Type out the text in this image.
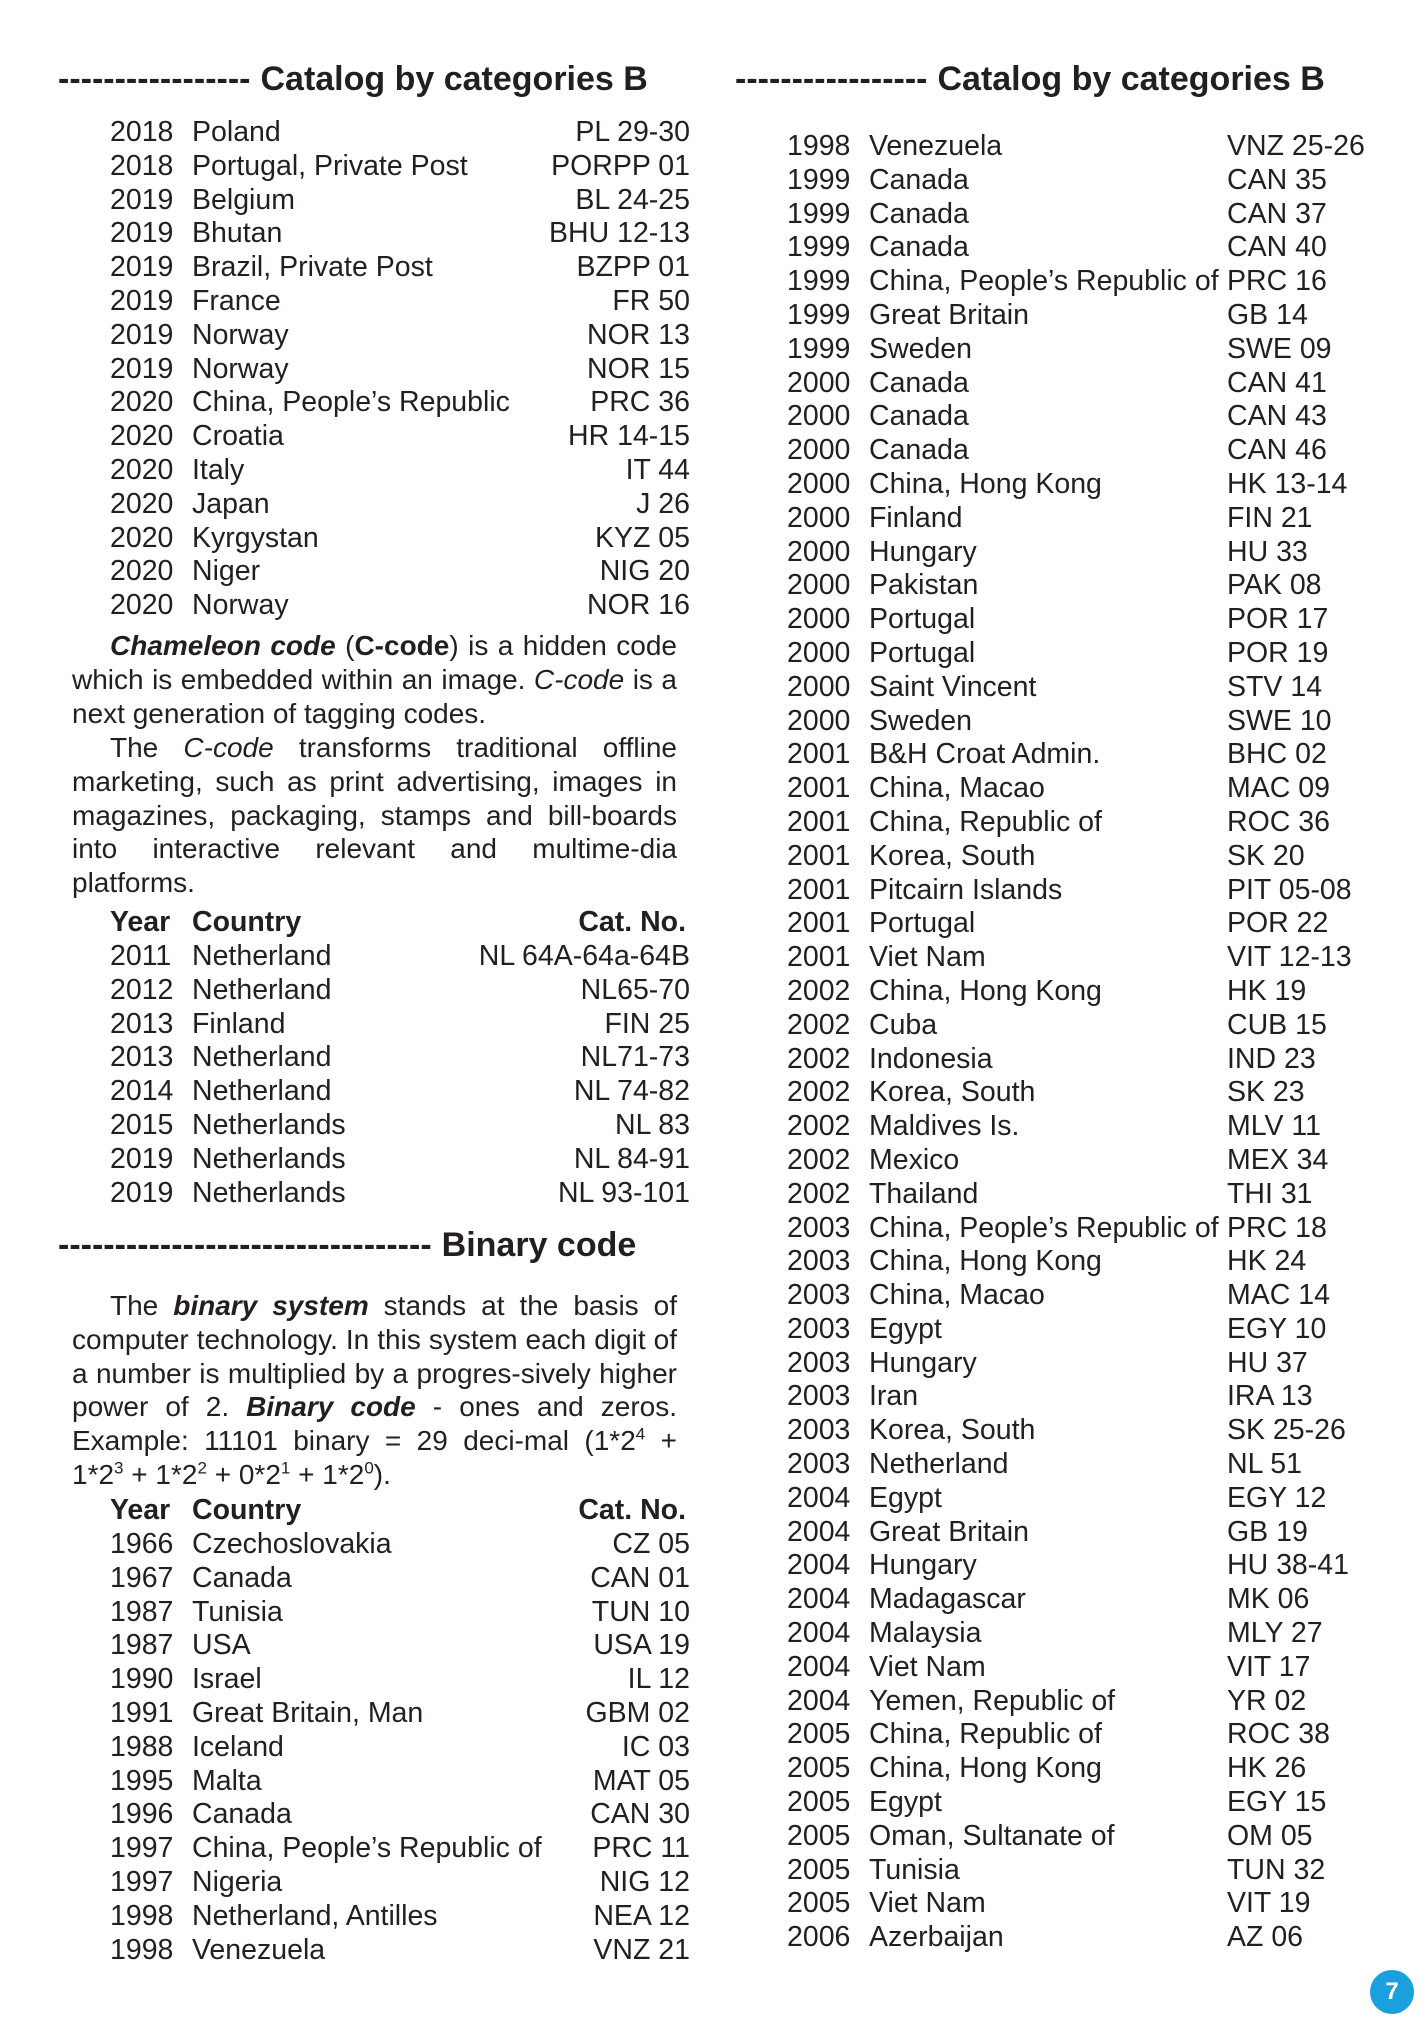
----------------- Catalog by categories B
2018 Poland	PL 29-30
2018 Portugal, Private Post	PORPP 01
2019 Belgium	BL 24-25
2019 Bhutan	BHU 12-13
2019 Brazil, Private Post	BZPP 01
2019 France	FR 50
2019 Norway	NOR 13
2019 Norway	NOR 15
2020 China, People’s Republic	PRC 36
2020 Croatia	HR 14-15
2020 Italy	IT 44
2020 Japan	J 26
2020 Kyrgystan	KYZ 05
2020 Niger	NIG 20
2020 Norway	NOR 16

Chameleon code (C-code) is a hidden code which is embedded within an image. C-code is a next generation of tagging codes.

The C-code transforms traditional offline marketing, such as print advertising, images in magazines, packaging, stamps and bill-boards into interactive relevant and multime-dia platforms.

Year Country	Cat. No.
2011 Netherland	NL 64A-64a-64B
2012 Netherland	NL65-70
2013 Finland	FIN 25
2013 Netherland	NL71-73
2014 Netherland	NL 74-82
2015 Netherlands	NL 83
2019 Netherlands	NL 84-91
2019 Netherlands	NL 93-101
--------------------------------- Binary code

The binary system stands at the basis of computer technology. In this system each digit of a number is multiplied by a progres-sively higher power of 2. Binary code - ones and zeros. Example: 11101 binary = 29 deci-mal $(1*2^4 + 1*2^3 + 1*2^2 + 0*2^1 + 1*2^0)$.

Year Country	Cat. No.
1966 Czechoslovakia	CZ 05
1967 Canada	CAN 01
1987 Tunisia	TUN 10
1987 USA	USA 19
1990 Israel	IL 12
1991 Great Britain, Man	GBM 02
1988 Iceland	IC 03
1995 Malta	MAT 05
1996 Canada	CAN 30
1997 China, People’s Republic of PRC 11
1997 Nigeria	NIG 12
1998 Netherland, Antilles	NEA 12
1998 Venezuela	VNZ 21
----------------- Catalog by categories B
1998 Venezuela	VNZ 25-26
1999 Canada	CAN 35
1999 Canada	CAN 37
1999 Canada	CAN 40
1999 China, People’s Republic of PRC 16
1999 Great Britain	GB 14
1999 Sweden	SWE 09
2000 Canada	CAN 41
2000 Canada	CAN 43
2000 Canada	CAN 46
2000 China, Hong Kong	HK 13-14
2000 Finland	FIN 21
2000 Hungary	HU 33
2000 Pakistan	PAK 08
2000 Portugal	POR 17
2000 Portugal	POR 19
2000 Saint Vincent	STV 14
2000 Sweden	SWE 10
2001 B&H Croat Admin.	BHC 02
2001 China, Macao	MAC 09
2001 China, Republic of	ROC 36
2001 Korea, South	SK 20
2001 Pitcairn Islands	PIT 05-08
2001 Portugal	POR 22
2001 Viet Nam	VIT 12-13
2002 China, Hong Kong	HK 19
2002 Cuba	CUB 15
2002 Indonesia	IND 23
2002 Korea, South	SK 23
2002 Maldives Is.	MLV 11
2002 Mexico	MEX 34
2002 Thailand	THI 31
2003 China, People’s Republic of PRC 18
2003 China, Hong Kong	HK 24
2003 China, Macao	MAC 14
2003 Egypt	EGY 10
2003 Hungary	HU 37
2003 Iran	IRA 13
2003 Korea, South	SK 25-26
2003 Netherland	NL 51
2004 Egypt	EGY 12
2004 Great Britain	GB 19
2004 Hungary	HU 38-41
2004 Madagascar	MK 06
2004 Malaysia	MLY 27
2004 Viet Nam	VIT 17
2004 Yemen, Republic of	YR 02
2005 China, Republic of	ROC 38
2005 China, Hong Kong	HK 26
2005 Egypt	EGY 15
2005 Oman, Sultanate of	OM 05
2005 Tunisia	TUN 32
2005 Viet Nam	VIT 19
2006 Azerbaijan	AZ 06
7
